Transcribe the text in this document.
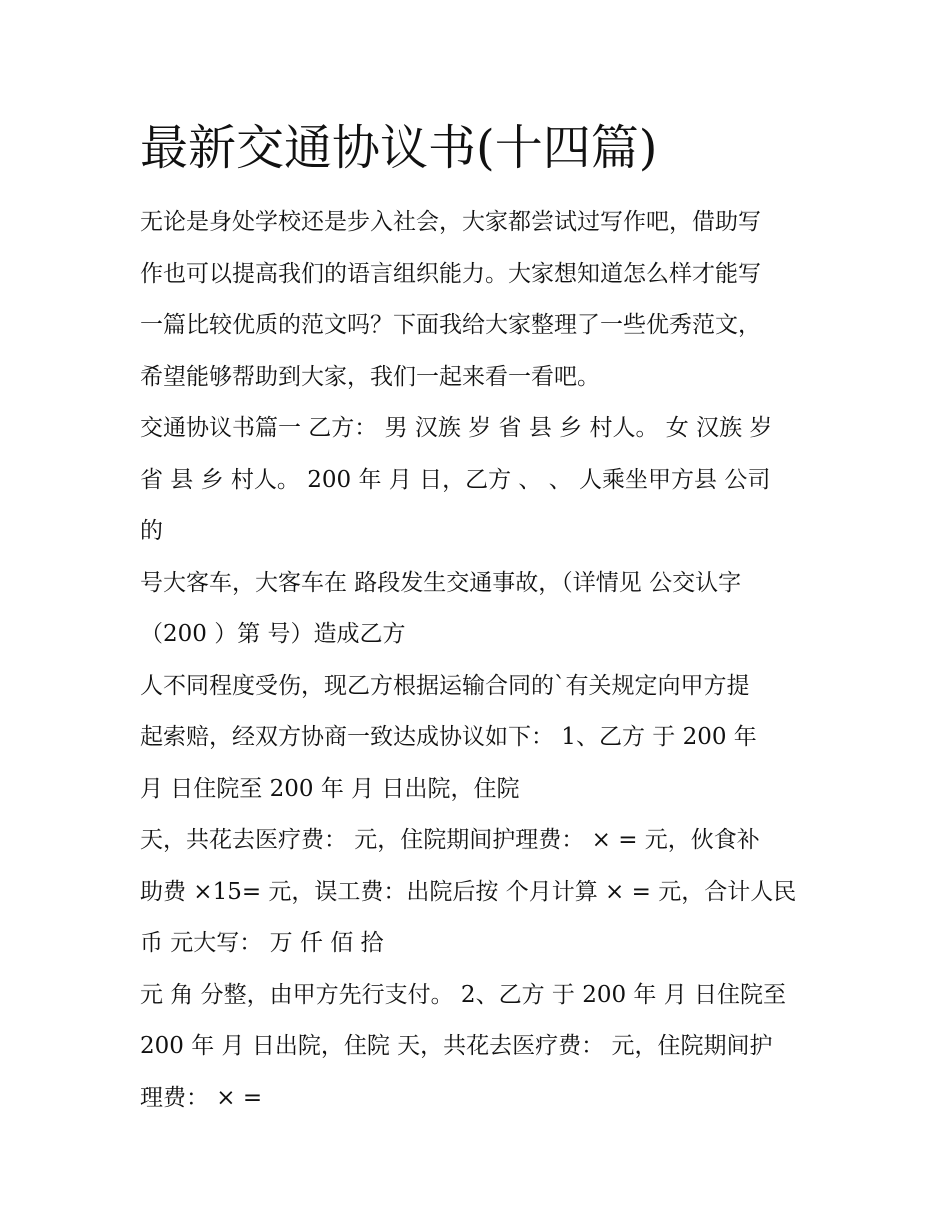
最新交通协议书(十四篇)
无论是身处学校还是步入社会，大家都尝试过写作吧，借助写
作也可以提高我们的语言组织能力。大家想知道怎么样才能写
一篇比较优质的范文吗？下面我给大家整理了一些优秀范文，
希望能够帮助到大家，我们一起来看一看吧。
交通协议书篇一 乙方： 男 汉族 岁 省 县 乡 村人。 女 汉族 岁
省 县 乡 村人。 200 年 月 日，乙方 、 、 人乘坐甲方县 公司
的
号大客车，大客车在 路段发生交通事故，（详情见 公交认字
（200 ）第 号）造成乙方
人不同程度受伤，现乙方根据运输合同的`有关规定向甲方提
起索赔，经双方协商一致达成协议如下： 1、乙方 于 200 年
月 日住院至 200 年 月 日出院，住院
天，共花去医疗费： 元，住院期间护理费： × = 元，伙食补
助费 ×15= 元，误工费：出院后按 个月计算 × = 元，合计人民
币 元大写： 万 仟 佰 拾
元 角 分整，由甲方先行支付。 2、乙方 于 200 年 月 日住院至
200 年 月 日出院，住院 天，共花去医疗费： 元，住院期间护
理费： × =
